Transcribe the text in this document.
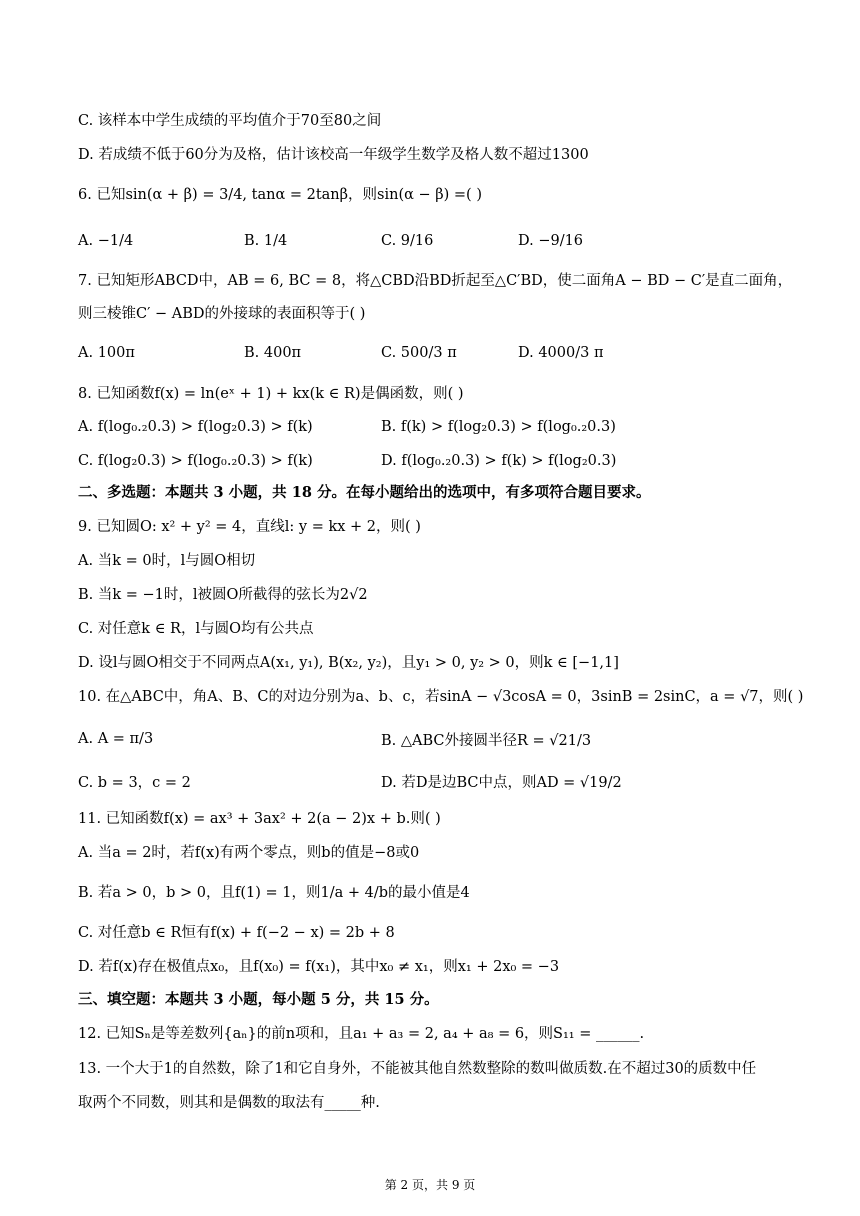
C. 该样本中学生成绩的平均值介于70至80之间
D. 若成绩不低于60分为及格，估计该校高一年级学生数学及格人数不超过1300
6. 已知sin(α + β) = 3/4, tanα = 2tanβ，则sin(α − β) =( )
A. −1/4	B. 1/4	C. 9/16	D. −9/16
7. 已知矩形ABCD中，AB = 6, BC = 8，将△CBD沿BD折起至△C′BD，使二面角A − BD − C′是直二面角，
则三棱锥C′ − ABD的外接球的表面积等于( )
A. 100π	B. 400π	C. 500/3 π	D. 4000/3 π
8. 已知函数f(x) = ln(eˣ + 1) + kx(k ∈ R)是偶函数，则( )
A. f(log₀.₂0.3) > f(log₂0.3) > f(k)	B. f(k) > f(log₂0.3) > f(log₀.₂0.3)
C. f(log₂0.3) > f(log₀.₂0.3) > f(k)	D. f(log₀.₂0.3) > f(k) > f(log₂0.3)
二、多选题：本题共 3 小题，共 18 分。在每小题给出的选项中，有多项符合题目要求。
9. 已知圆O: x² + y² = 4，直线l: y = kx + 2，则( )
A. 当k = 0时，l与圆O相切
B. 当k = −1时，l被圆O所截得的弦长为2√2
C. 对任意k ∈ R，l与圆O均有公共点
D. 设l与圆O相交于不同两点A(x₁, y₁), B(x₂, y₂)，且y₁ > 0, y₂ > 0，则k ∈ [−1,1]
10. 在△ABC中，角A、B、C的对边分别为a、b、c，若sinA − √3cosA = 0，3sinB = 2sinC，a = √7，则( )
A. A = π/3	B. △ABC外接圆半径R = √21/3
C. b = 3，c = 2	D. 若D是边BC中点，则AD = √19/2
11. 已知函数f(x) = ax³ + 3ax² + 2(a − 2)x + b.则( )
A. 当a = 2时，若f(x)有两个零点，则b的值是−8或0
B. 若a > 0，b > 0，且f(1) = 1，则1/a + 4/b的最小值是4
C. 对任意b ∈ R恒有f(x) + f(−2 − x) = 2b + 8
D. 若f(x)存在极值点x₀，且f(x₀) = f(x₁)，其中x₀ ≠ x₁，则x₁ + 2x₀ = −3
三、填空题：本题共 3 小题，每小题 5 分，共 15 分。
12. 已知Sₙ是等差数列{aₙ}的前n项和，且a₁ + a₃ = 2, a₄ + a₈ = 6，则S₁₁ = ______.
13. 一个大于1的自然数，除了1和它自身外，不能被其他自然数整除的数叫做质数.在不超过30的质数中任
取两个不同数，则其和是偶数的取法有_____种.
第 2 页，共 9 页
